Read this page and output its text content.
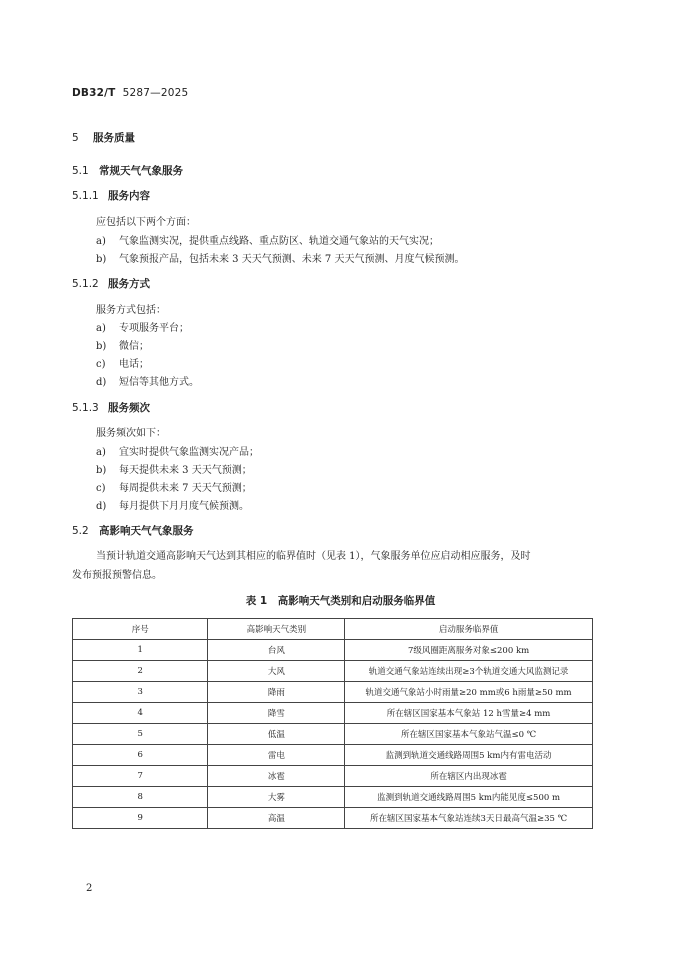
DB32/T 5287—2025
5 服务质量
5.1 常规天气气象服务
5.1.1 服务内容
应包括以下两个方面：
a) 气象监测实况，提供重点线路、重点防区、轨道交通气象站的天气实况；
b) 气象预报产品，包括未来 3 天天气预测、未来 7 天天气预测、月度气候预测。
5.1.2 服务方式
服务方式包括：
a) 专项服务平台；
b) 微信；
c) 电话；
d) 短信等其他方式。
5.1.3 服务频次
服务频次如下：
a) 宜实时提供气象监测实况产品；
b) 每天提供未来 3 天天气预测；
c) 每周提供未来 7 天天气预测；
d) 每月提供下月月度气候预测。
5.2 高影响天气气象服务
当预计轨道交通高影响天气达到其相应的临界值时（见表 1），气象服务单位应启动相应服务，及时
发布预报预警信息。
表 1　高影响天气类别和启动服务临界值
序号	高影响天气类别	启动服务临界值
1	台风	7级风圈距离服务对象≤200 km
2	大风	轨道交通气象站连续出现≥3个轨道交通大风监测记录
3	降雨	轨道交通气象站小时雨量≥20 mm或6 h雨量≥50 mm
4	降雪	所在辖区国家基本气象站 12 h雪量≥4 mm
5	低温	所在辖区国家基本气象站气温≤0 ℃
6	雷电	监测到轨道交通线路周围5 km内有雷电活动
7	冰雹	所在辖区内出现冰雹
8	大雾	监测到轨道交通线路周围5 km内能见度≤500 m
9	高温	所在辖区国家基本气象站连续3天日最高气温≥35 ℃
2
